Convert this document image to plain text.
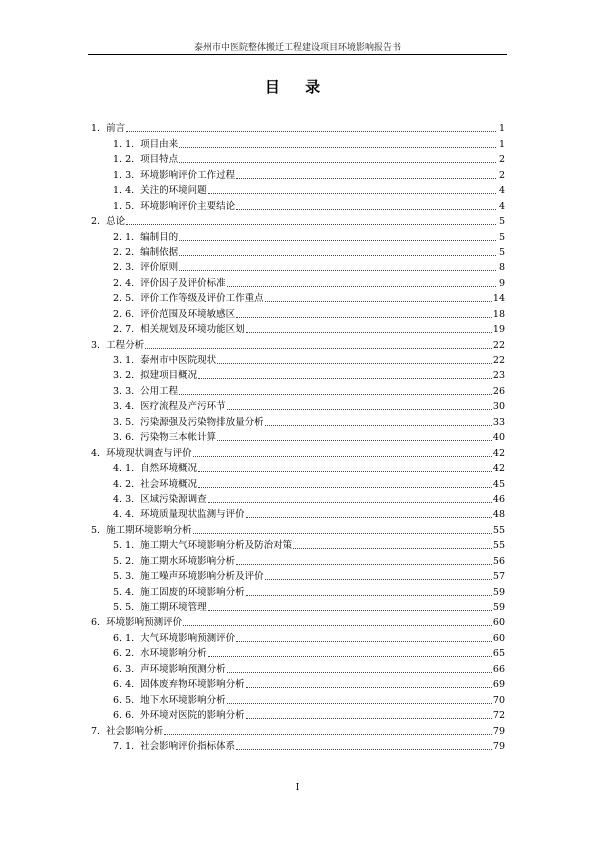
泰州市中医院整体搬迁工程建设项目环境影响报告书
目 录
1. 前言	1
1. 1. 项目由来	1
1. 2. 项目特点	2
1. 3. 环境影响评价工作过程	2
1. 4. 关注的环境问题	4
1. 5. 环境影响评价主要结论	4
2. 总论	5
2. 1. 编制目的	5
2. 2. 编制依据	5
2. 3. 评价原则	8
2. 4. 评价因子及评价标准	9
2. 5. 评价工作等级及评价工作重点	14
2. 6. 评价范围及环境敏感区	18
2. 7. 相关规划及环境功能区划	19
3. 工程分析	22
3. 1. 泰州市中医院现状	22
3. 2. 拟建项目概况	23
3. 3. 公用工程	26
3. 4. 医疗流程及产污环节	30
3. 5. 污染源强及污染物排放量分析	33
3. 6. 污染物三本帐计算	40
4. 环境现状调查与评价	42
4. 1. 自然环境概况	42
4. 2. 社会环境概况	45
4. 3. 区域污染源调查	46
4. 4. 环境质量现状监测与评价	48
5. 施工期环境影响分析	55
5. 1. 施工期大气环境影响分析及防治对策	55
5. 2. 施工期水环境影响分析	56
5. 3. 施工噪声环境影响分析及评价	57
5. 4. 施工固废的环境影响分析	59
5. 5. 施工期环境管理	59
6. 环境影响预测评价	60
6. 1. 大气环境影响预测评价	60
6. 2. 水环境影响分析	65
6. 3. 声环境影响预测分析	66
6. 4. 固体废弃物环境影响分析	69
6. 5. 地下水环境影响分析	70
6. 6. 外环境对医院的影响分析	72
7. 社会影响分析	79
7. 1. 社会影响评价指标体系	79
I
